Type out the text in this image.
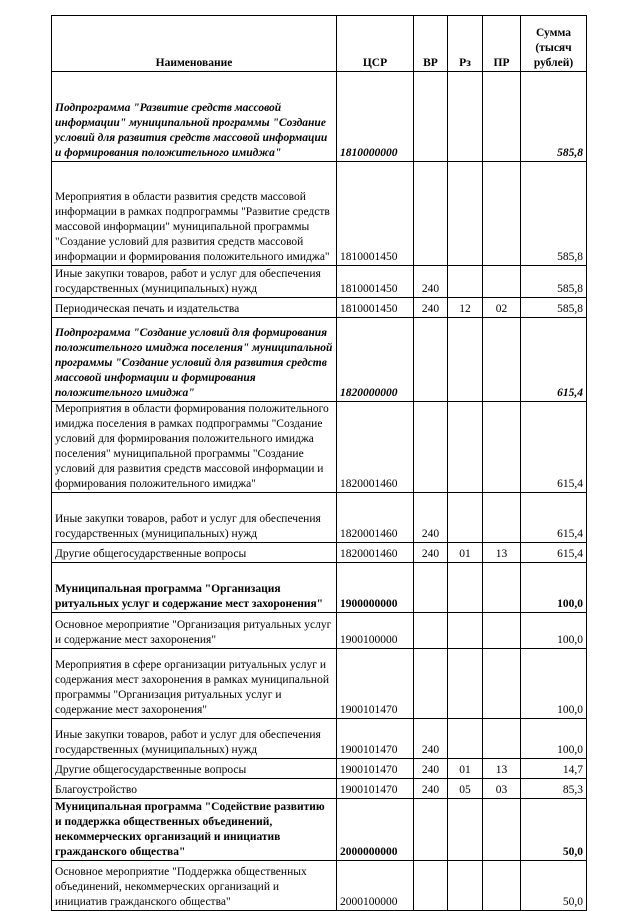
Наименование	ЦСР	ВР	Рз	ПР	Сумма (тысяч рублей)
Подпрограмма "Развитие средств массовой информации" муниципальной программы "Создание условий для развития средств массовой информации и формирования положительного имиджа"	1810000000				585,8
Мероприятия в области развития средств массовой информации в рамках подпрограммы "Развитие средств массовой информации" муниципальной программы "Создание условий для развития средств массовой информации и формирования положительного имиджа"	1810001450				585,8
Иные закупки товаров, работ и услуг для обеспечения государственных (муниципальных) нужд	1810001450	240			585,8
Периодическая печать и издательства	1810001450	240	12	02	585,8
Подпрограмма "Создание условий для формирования положительного имиджа поселения" муниципальной программы "Создание условий для развития средств массовой информации и формирования положительного имиджа"	1820000000				615,4
Мероприятия в области формирования положительного имиджа поселения в рамках подпрограммы "Создание условий для формирования положительного имиджа поселения" муниципальной программы "Создание условий для развития средств массовой информации и формирования положительного имиджа"	1820001460				615,4
Иные закупки товаров, работ и услуг для обеспечения государственных (муниципальных) нужд	1820001460	240			615,4
Другие общегосударственные вопросы	1820001460	240	01	13	615,4
Муниципальная программа "Организация ритуальных услуг и содержание мест захоронения"	1900000000				100,0
Основное мероприятие "Организация ритуальных услуг и содержание мест захоронения"	1900100000				100,0
Мероприятия в сфере организации ритуальных услуг и содержания мест захоронения в рамках муниципальной программы "Организация ритуальных услуг и содержание мест захоронения"	1900101470				100,0
Иные закупки товаров, работ и услуг для обеспечения государственных (муниципальных) нужд	1900101470	240			100,0
Другие общегосударственные вопросы	1900101470	240	01	13	14,7
Благоустройство	1900101470	240	05	03	85,3
Муниципальная программа "Содействие развитию и поддержка общественных объединений, некоммерческих организаций и инициатив гражданского общества"	2000000000				50,0
Основное мероприятие "Поддержка общественных объединений, некоммерческих организаций и инициатив гражданского общества"	2000100000				50,0
